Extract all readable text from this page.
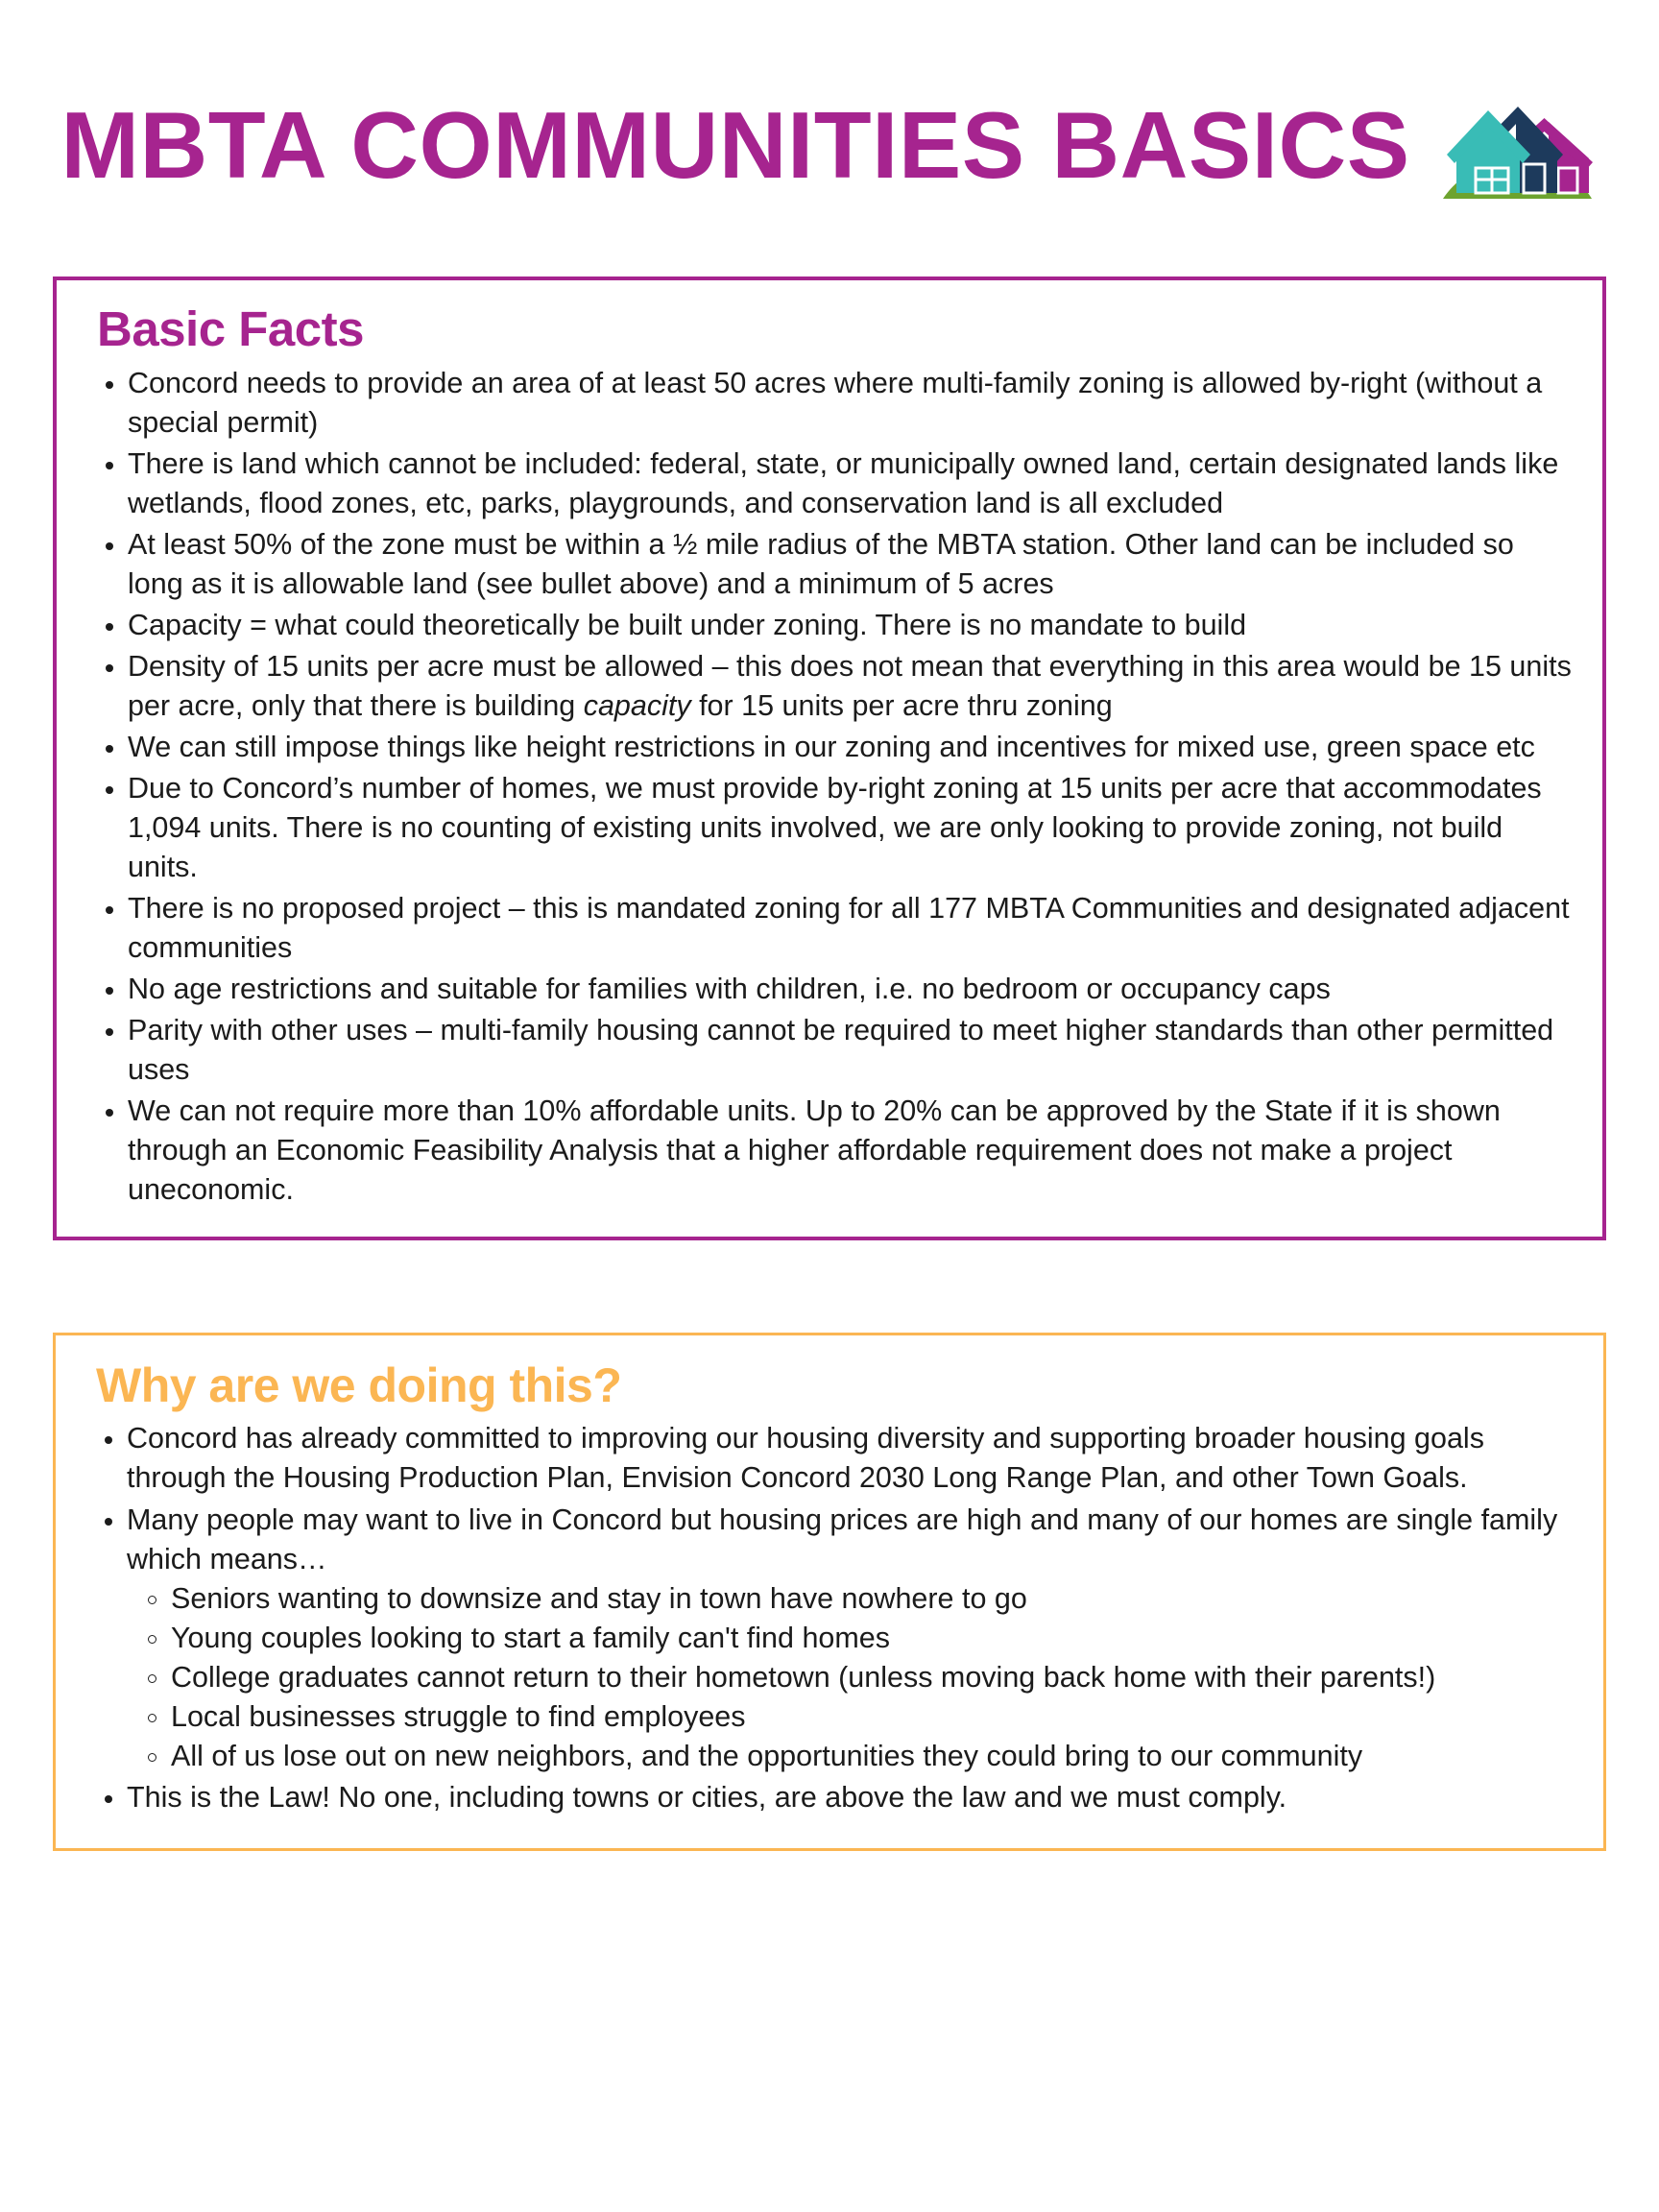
MBTA COMMUNITIES BASICS
Basic Facts
Concord needs to provide an area of at least 50 acres where multi-family zoning is allowed by-right (without a special permit)
There is land which cannot be included: federal, state, or municipally owned land, certain designated lands like wetlands, flood zones, etc, parks, playgrounds, and conservation land is all excluded
At least 50% of the zone must be within a ½ mile radius of the MBTA station. Other land can be included so long as it is allowable land (see bullet above) and a minimum of 5 acres
Capacity = what could theoretically be built under zoning. There is no mandate to build
Density of 15 units per acre must be allowed – this does not mean that everything in this area would be 15 units per acre, only that there is building capacity for 15 units per acre thru zoning
We can still impose things like height restrictions in our zoning and incentives for mixed use, green space etc
Due to Concord’s number of homes, we must provide by-right zoning at 15 units per acre that accommodates 1,094 units. There is no counting of existing units involved, we are only looking to provide zoning, not build units.
There is no proposed project – this is mandated zoning for all 177 MBTA Communities and designated adjacent communities
No age restrictions and suitable for families with children, i.e. no bedroom or occupancy caps
Parity with other uses – multi-family housing cannot be required to meet higher standards than other permitted uses
We can not require more than 10% affordable units. Up to 20% can be approved by the State if it is shown through an Economic Feasibility Analysis that a higher affordable requirement does not make a project uneconomic.
Why are we doing this?
Concord has already committed to improving our housing diversity and supporting broader housing goals through the Housing Production Plan, Envision Concord 2030 Long Range Plan, and other Town Goals.
Many people may want to live in Concord but housing prices are high and many of our homes are single family which means…
Seniors wanting to downsize and stay in town have nowhere to go
Young couples looking to start a family can't find homes
College graduates cannot return to their hometown (unless moving back home with their parents!)
Local businesses struggle to find employees
All of us lose out on new neighbors, and the opportunities they could bring to our community
This is the Law! No one, including towns or cities, are above the law and we must comply.
